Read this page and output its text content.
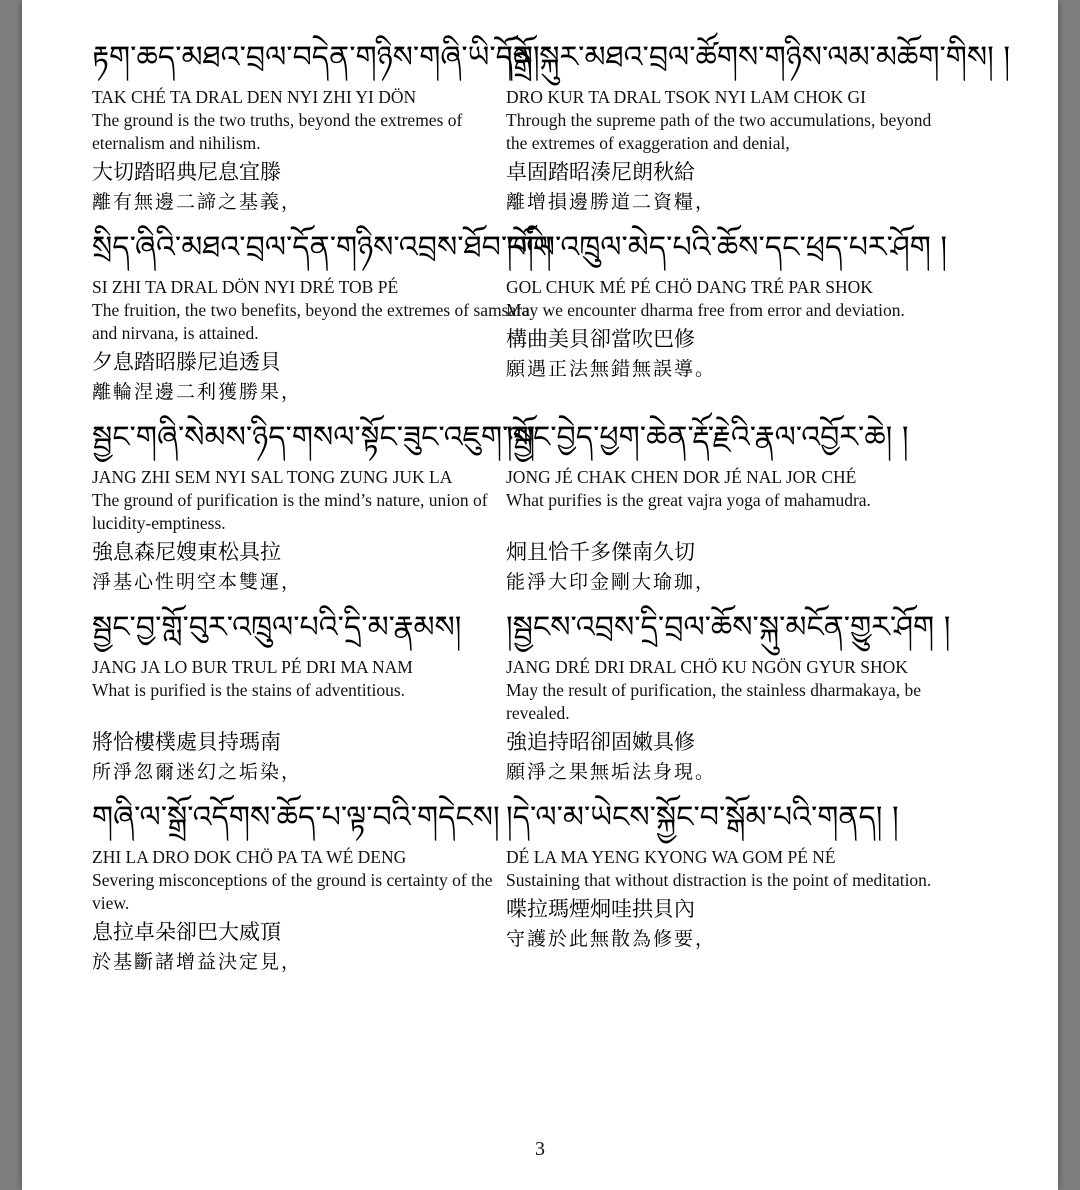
རྟག་ཆད་མཐའ་བྲལ་བདེན་གཉིས་གཞི་ཡི་དོན།
TAK CHÉ TA DRAL DEN NYI ZHI YI DÖN
The ground is the two truths, beyond the extremes of eternalism and nihilism.
大切踏昭典尼息宜滕
離有無邊二諦之基義，
སྲིད་ཞིའི་མཐའ་བྲལ་དོན་གཉིས་འབྲས་ཐོབ་པའི།
SI ZHI TA DRAL DÖN NYI DRÉ TOB PÉ
The fruition, the two benefits, beyond the extremes of samsara and nirvana, is attained.
夕息踏昭滕尼追透貝
離輪涅邊二利獲勝果，
སྦྱང་གཞི་སེམས་ཉིད་གསལ་སྟོང་ཟུང་འཇུག་ལ།
JANG ZHI SEM NYI SAL TONG ZUNG JUK LA
The ground of purification is the mind’s nature, union of lucidity-emptiness.
強息森尼嫂東松具拉
淨基心性明空本雙運，
སྦྱང་བྱ་གློ་བུར་འཁྲུལ་པའི་དྲི་མ་རྣམས།
JANG JA LO BUR TRUL PÉ DRI MA NAM
What is purified is the stains of adventitious.
將恰樓樸處貝持瑪南
所淨忽爾迷幻之垢染，
གཞི་ལ་སྒྲོ་འདོགས་ཆོད་པ་ལྟ་བའི་གདེངས།
ZHI LA DRO DOK CHÖ PA TA WÉ DENG
Severing misconceptions of the ground is certainty of the view.
息拉卓朵卻巴大威頂
於基斷諸增益決定見，
།སྒྲོ་སྐུར་མཐའ་བྲལ་ཚོགས་གཉིས་ལམ་མཆོག་གིས། །
DRO KUR TA DRAL TSOK NYI LAM CHOK GI
Through the supreme path of the two accumulations, beyond the extremes of exaggeration and denial,
卓固踏昭湊尼朗秋給
離增損邊勝道二資糧，
།གོལ་འཁྲུལ་མེད་པའི་ཆོས་དང་ཕྲད་པར་ཤོག །
GOL CHUK MÉ PÉ CHÖ DANG TRÉ PAR SHOK
May we encounter dharma free from error and deviation.
構曲美貝卻當吹巴修
願遇正法無錯無誤導。
།སྦྱོང་བྱེད་ཕྱག་ཆེན་རྡོ་རྗེའི་རྣལ་འབྱོར་ཆེ། །
JONG JÉ CHAK CHEN DOR JÉ NAL JOR CHÉ
What purifies is the great vajra yoga of mahamudra.
炯且恰千多傑南久切
能淨大印金剛大瑜珈，
།སྦྱངས་འབྲས་དྲི་བྲལ་ཆོས་སྐུ་མངོན་གྱུར་ཤོག །
JANG DRÉ DRI DRAL CHÖ KU NGÖN GYUR SHOK
May the result of purification, the stainless dharmakaya, be revealed.
強追持昭卻固嫩具修
願淨之果無垢法身現。
།དེ་ལ་མ་ཡེངས་སྐྱོང་བ་སྒོམ་པའི་གནད། །
DÉ LA MA YENG KYONG WA GOM PÉ NÉ
Sustaining that without distraction is the point of meditation.
喋拉瑪煙炯哇拱貝內
守護於此無散為修要，
3
